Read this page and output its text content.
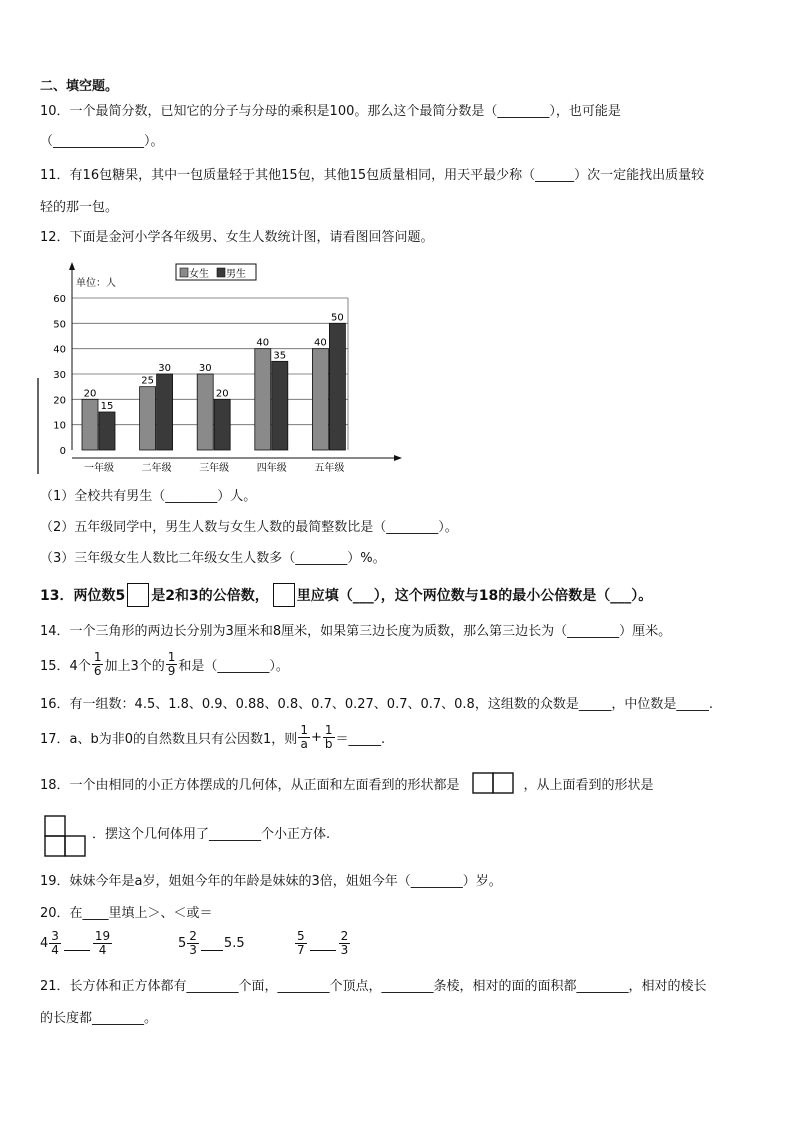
二、填空题。
10．一个最简分数，已知它的分子与分母的乘积是100。那么这个最简分数是（________），也可能是
（______________）。
11．有16包糖果，其中一包质量轻于其他15包，其他15包质量相同，用天平最少称（______）次一定能找出质量较
轻的那一包。
12．下面是金河小学各年级男、女生人数统计图，请看图回答问题。
0
10
20
30
40
50
60
单位：人
女生 男生
20
15
一年级
25
30
二年级
30
20
三年级
40
35
四年级
40
50
五年级
（1）全校共有男生（________）人。
（2）五年级同学中，男生人数与女生人数的最简整数比是（________）。
（3）三年级女生人数比二年级女生人数多（________）%。
13．两位数5 是2和3的公倍数， 里应填（___），这个两位数与18的最小公倍数是（___）。
14．一个三角形的两边长分别为3厘米和8厘米，如果第三边长度为质数，那么第三边长为（________）厘米。
15．4个 $\frac{1}{6}$ 加上3个 的 $\frac{1}{9}$ 和是（________）。
16．有一组数：4.5、1.8、0.9、0.88、0.8、0.7、0.27、0.7、0.7、0.8，这组数的众数是_____，中位数是_____.
17．a、b为非0的自然数且只有公因数1，则 $\frac{1}{a} + \frac{1}{b}$ ＝_____.
18．一个由相同的小正方体摆成的几何体，从正面和左面看到的形状都是	，从上面看到的形状是
．摆这个几何体用了________个小正方体.
19．妹妹今年是a岁，姐姐今年的年龄是妹妹的3倍，姐姐今年（________）岁。
20．在____里填上＞、＜或＝
$4 \frac{3}{4}$	$\frac{19}{4}$	$5 \frac{2}{3} 5.5$	$\frac{5}{7}$	$\frac{2}{3}$
21．长方体和正方体都有________个面，________个顶点，________条棱，相对的面的面积都________，相对的棱长
的长度都________。
